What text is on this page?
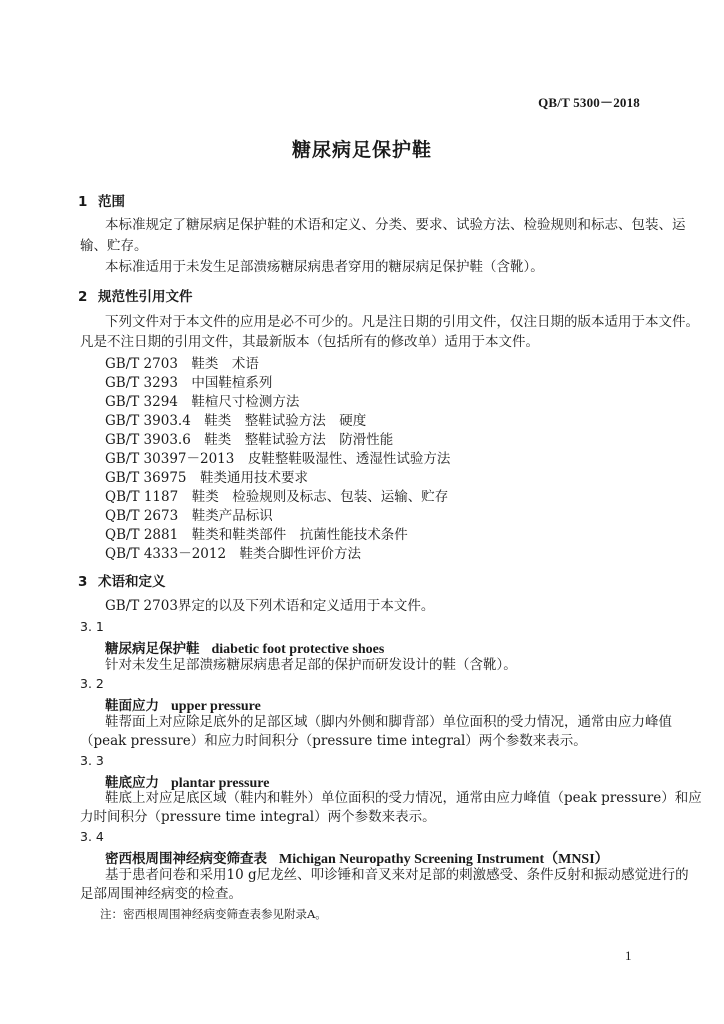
QB/T 5300－2018
糖尿病足保护鞋
1 范围
本标准规定了糖尿病足保护鞋的术语和定义、分类、要求、试验方法、检验规则和标志、包装、运
输、贮存。
本标准适用于未发生足部溃疡糖尿病患者穿用的糖尿病足保护鞋（含靴）。
2 规范性引用文件
下列文件对于本文件的应用是必不可少的。凡是注日期的引用文件，仅注日期的版本适用于本文件。
凡是不注日期的引用文件，其最新版本（包括所有的修改单）适用于本文件。
GB/T 2703　鞋类　术语
GB/T 3293　中国鞋楦系列
GB/T 3294　鞋楦尺寸检测方法
GB/T 3903.4　鞋类　整鞋试验方法　硬度
GB/T 3903.6　鞋类　整鞋试验方法　防滑性能
GB/T 30397－2013　皮鞋整鞋吸湿性、透湿性试验方法
GB/T 36975　鞋类通用技术要求
QB/T 1187　鞋类　检验规则及标志、包装、运输、贮存
QB/T 2673　鞋类产品标识
QB/T 2881　鞋类和鞋类部件　抗菌性能技术条件
QB/T 4333－2012　鞋类合脚性评价方法
3 术语和定义
GB/T 2703界定的以及下列术语和定义适用于本文件。
3. 1
糖尿病足保护鞋 diabetic foot protective shoes
针对未发生足部溃疡糖尿病患者足部的保护而研发设计的鞋（含靴）。
3. 2
鞋面应力 upper pressure
鞋帮面上对应除足底外的足部区域（脚内外侧和脚背部）单位面积的受力情况，通常由应力峰值
（peak pressure）和应力时间积分（pressure time integral）两个参数来表示。
3. 3
鞋底应力 plantar pressure
鞋底上对应足底区域（鞋内和鞋外）单位面积的受力情况，通常由应力峰值（peak pressure）和应
力时间积分（pressure time integral）两个参数来表示。
3. 4
密西根周围神经病变筛查表 Michigan Neuropathy Screening Instrument（MNSI）
基于患者问卷和采用10 g尼龙丝、叩诊锤和音叉来对足部的刺激感受、条件反射和振动感觉进行的
足部周围神经病变的检查。
注：密西根周围神经病变筛查表参见附录A。
1
